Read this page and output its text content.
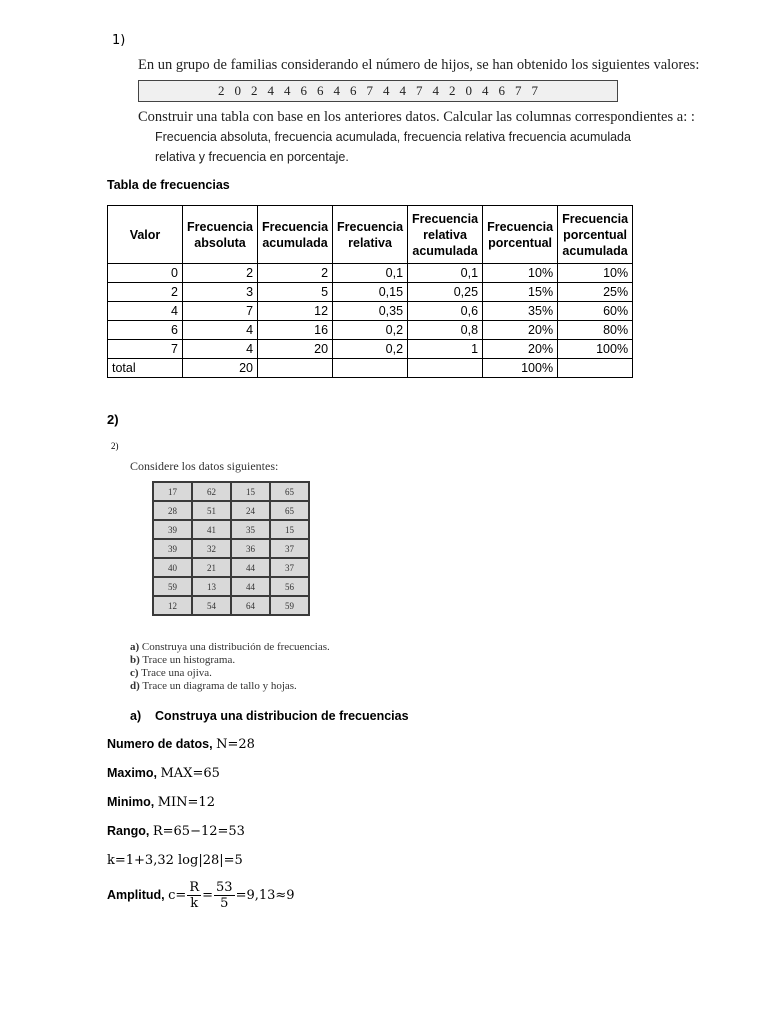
1)
En un grupo de familias considerando el número de hijos, se han obtenido los siguientes valores:
2 0 2 4 4 6 6 4 6 7 4 4 7 4 2 0 4 6 7 7
Construir una tabla con base en los anteriores datos. Calcular las columnas correspondientes a: :
Frecuencia absoluta, frecuencia acumulada, frecuencia relativa frecuencia acumulada
relativa y frecuencia en porcentaje.
Tabla de frecuencias
Valor	Frecuencia absoluta	Frecuencia acumulada	Frecuencia relativa	Frecuencia relativa acumulada	Frecuencia porcentual	Frecuencia porcentual acumulada
0	2	2	0,1	0,1	10%	10%
2	3	5	0,15	0,25	15%	25%
4	7	12	0,35	0,6	35%	60%
6	4	16	0,2	0,8	20%	80%
7	4	20	0,2	1	20%	100%
total	20				100%	
2)
2)
Considere los datos siguientes:
17	62	15	65
28	51	24	65
39	41	35	15
39	32	36	37
40	21	44	37
59	13	44	56
12	54	64	59
a) Construya una distribución de frecuencias.
b) Trace un histograma.
c) Trace una ojiva.
d) Trace un diagrama de tallo y hojas.
a) Construya una distribucion de frecuencias
Numero de datos, N=28
Maximo, MAX=65
Minimo, MIN=12
Rango, R=65−12=53
k=1+3,32 log⁡|28|=5
Amplitud, $c= \frac{R}{k} = \frac{53}{5} =9,13\approx 9$
